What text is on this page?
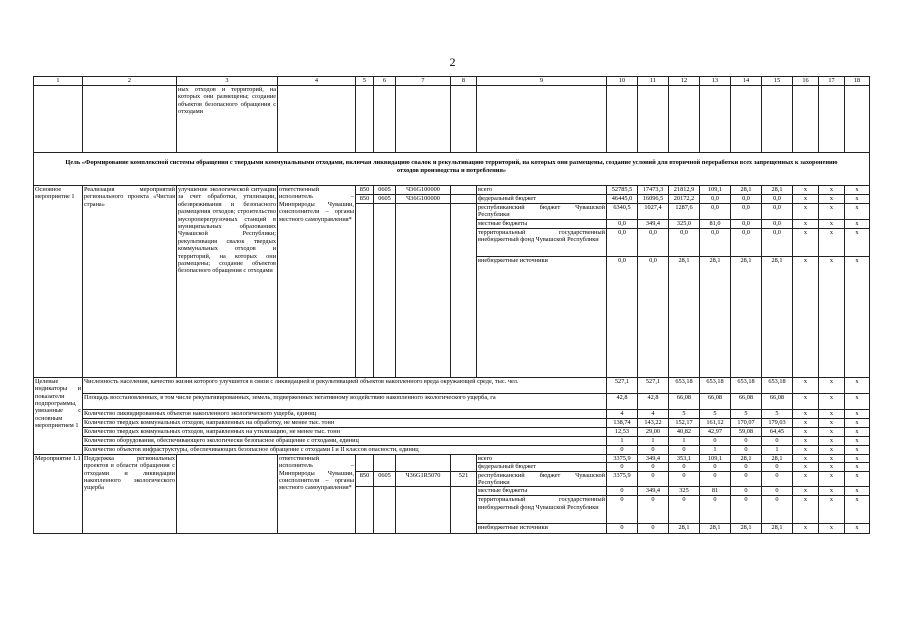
2
1	2	3	4	5	6	7	8	9	10	11	12	13	14	15	16	17	18
		ных отходов и территорий, на которых они размещены; создание объектов безопасного обращения с отходами															
Цель «Формирование комплексной системы обращения с твердыми коммунальными отходами, включая ликвидацию свалок и рекультивацию территорий, на которых они размещены, создание условий для вторичной переработки всех запрещенных к захоронению отходов производства и потребления»																	
Основное мероприятие 1	Реализация мероприятий регионального проекта «Чистая страна»	улучшение экологической ситуации за счет обработки, утилизации, обезвреживания и безопасного размещения отходов; строительство мусороперегрузочных станций в муниципальных образованиях Чувашской Республики; рекультивация свалок твердых коммунальных отходов и территорий, на которых они размещены; создание объектов безопасного обращения с отходами	ответственный исполнитель – Минприроды Чувашии, соисполнители – органы местного самоуправления*	850	0605	Ч36G100000		всего	52785,5	17473,3	21812,9	109,1	28,1	28,1	x	x	x
				850	0605	Ч36G100000		федеральный бюджет	46445,0	16096,5	20172,2	0,0	0,0	0,0	x	x	x
								республиканский бюджет Чувашской Республики	6340,5	1027,4	1287,6	0,0	0,0	0,0	x	x	x
								местные бюджеты	0,0	349,4	325,0	81,0	0,0	0,0	x	x	x
								территориальный государственный внебюджетный фонд Чувашской Республики	0,0	0,0	0,0	0,0	0,0	0,0	x	x	x
								внебюджетные источники	0,0	0,0	28,1	28,1	28,1	28,1	x	x	x
Целевые индикаторы и показатели подпрограммы, увязанные с основным мероприятием 1	Численность населения, качество жизни которого улучшится в связи с ликвидацией и рекультивацией объектов накопленного вреда окружающей среде, тыс. чел.								527,1	527,1	653,18	653,18	653,18	653,18	x	x	x
	Площадь восстановленных, в том числе рекультивированных, земель, подверженных негативному воздействию накопленного экологического ущерба, га								42,8	42,8	66,08	66,08	66,08	66,08	x	x	x
	Количество ликвидированных объектов накопленного экологического ущерба, единиц								4	4	5	5	5	5	x	x	x
	Количество твердых коммунальных отходов, направленных на обработку, не менее тыс. тонн								138,74	143,22	152,17	161,12	170,07	179,03	x	x	x
	Количество твердых коммунальных отходов, направленных на утилизацию, не менее тыс. тонн								12,53	29,00	40,82	42,97	59,08	64,45	x	x	x
	Количество оборудования, обеспечивающего экологически безопасное обращение с отходами, единиц								1	1	1	0	0	0	x	x	x
	Количество объектов инфраструктуры, обеспечивающих безопасное обращение с отходами I и II классов опасности, единиц								0	0	0	1	0	1	x	x	x
Мероприятие 1.1	Поддержка региональных проектов в области обращения с отходами и ликвидации накопленного экологического ущерба		ответственный исполнитель – Минприроды Чувашии, соисполнители – органы местного самоуправления*					всего	3375,9	349,4	353,1	109,1	28,1	28,1	x	x	x
								федеральный бюджет	0	0	0	0	0	0	x	x	x
				850	0605	Ч36G1R5070	521	республиканский бюджет Чувашской Республики	3375,9	0	0	0	0	0	x	x	x
								местные бюджеты	0	349,4	325	81	0	0	x	x	x
								территориальный государственный внебюджетный фонд Чувашской Республики	0	0	0	0	0	0	x	x	x
								внебюджетные источники	0	0	28,1	28,1	28,1	28,1	x	x	x
